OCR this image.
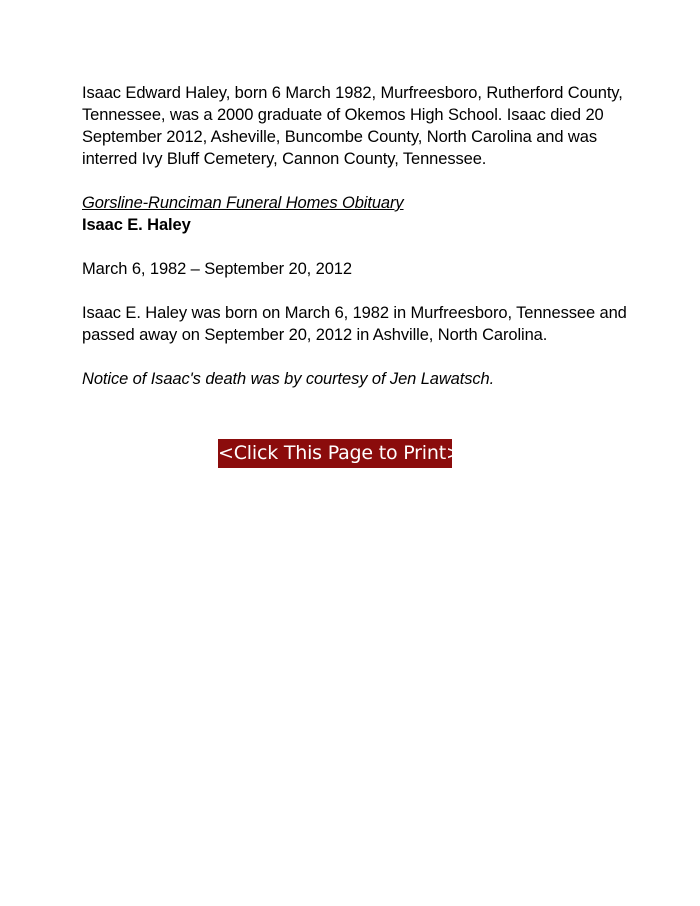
Isaac Edward Haley, born 6 March 1982, Murfreesboro, Rutherford County,

Tennessee, was a 2000 graduate of Okemos High School. Isaac died 20

September 2012, Asheville, Buncombe County, North Carolina and was

interred Ivy Bluff Cemetery, Cannon County, Tennessee.

Gorsline-Runciman Funeral Homes Obituary

Isaac E. Haley

March 6, 1982 – September 20, 2012

Isaac E. Haley was born on March 6, 1982 in Murfreesboro, Tennessee and

passed away on September 20, 2012 in Ashville, North Carolina.

Notice of Isaac's death was by courtesy of Jen Lawatsch.

<Click This Page to Print>
